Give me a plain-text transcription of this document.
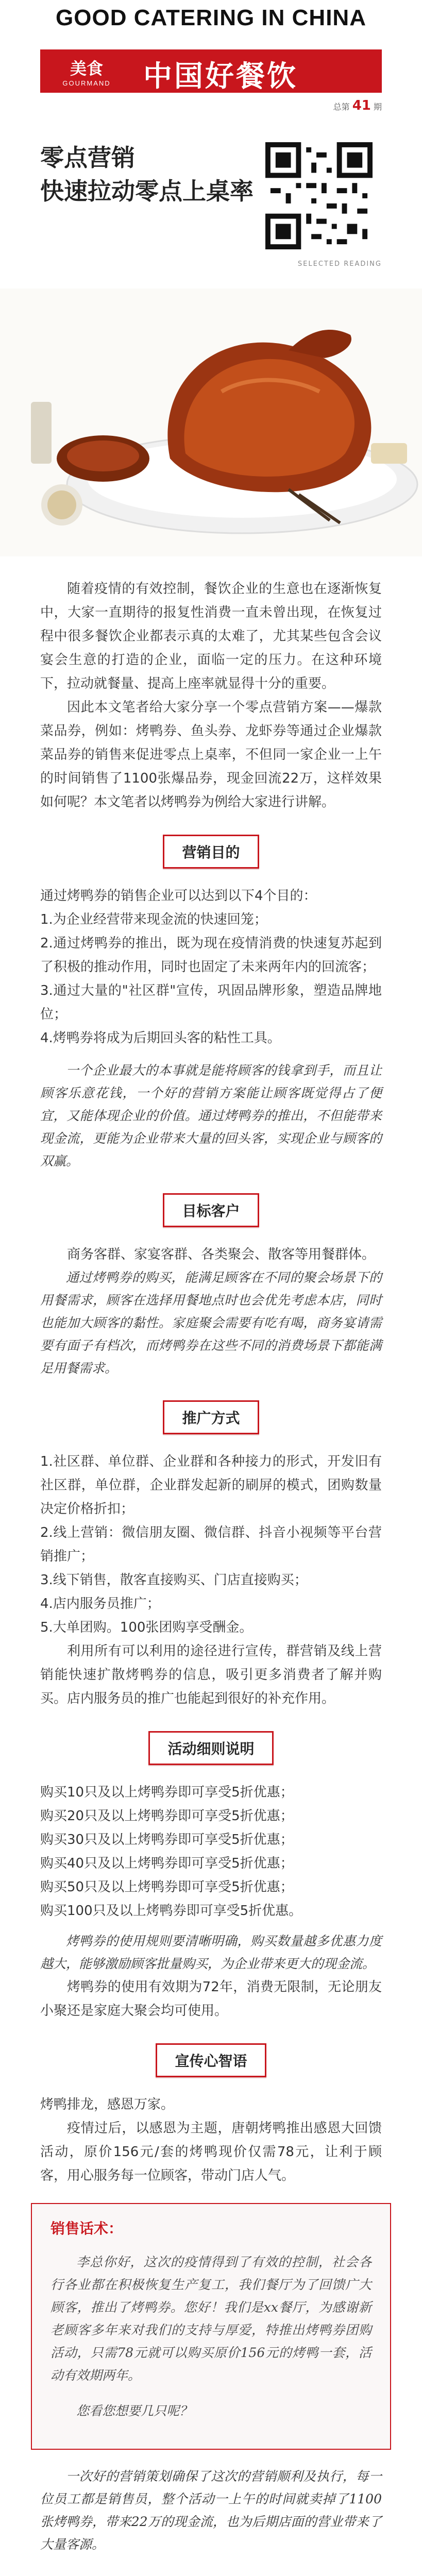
GOOD CATERING IN CHINA
美食
GOURMAND 中国好餐饮
总第 41 期
零点营销
快速拉动零点上桌率
SELECTED READING

随着疫情的有效控制，餐饮企业的生意也在逐渐恢复中，大家一直期待的报复性消费一直未曾出现，在恢复过程中很多餐饮企业都表示真的太难了，尤其某些包含会议宴会生意的打造的企业，面临一定的压力。在这种环境下，拉动就餐量、提高上座率就显得十分的重要。

因此本文笔者给大家分享一个零点营销方案——爆款菜品券，例如：烤鸭券、鱼头券、龙虾券等通过企业爆款菜品券的销售来促进零点上桌率，不但同一家企业一上午的时间销售了1100张爆品券，现金回流22万，这样效果如何呢？本文笔者以烤鸭券为例给大家进行讲解。

营销目的

通过烤鸭券的销售企业可以达到以下4个目的：

1.为企业经营带来现金流的快速回笼；

2.通过烤鸭券的推出，既为现在疫情消费的快速复苏起到了积极的推动作用，同时也固定了未来两年内的回流客；

3.通过大量的"社区群"宣传，巩固品牌形象，塑造品牌地位；

4.烤鸭券将成为后期回头客的粘性工具。

一个企业最大的本事就是能将顾客的钱拿到手，而且让顾客乐意花钱，一个好的营销方案能让顾客既觉得占了便宜，又能体现企业的价值。通过烤鸭券的推出，不但能带来现金流，更能为企业带来大量的回头客，实现企业与顾客的双赢。

目标客户

商务客群、家宴客群、各类聚会、散客等用餐群体。

通过烤鸭券的购买，能满足顾客在不同的聚会场景下的用餐需求，顾客在选择用餐地点时也会优先考虑本店，同时也能加大顾客的黏性。家庭聚会需要有吃有喝，商务宴请需要有面子有档次，而烤鸭券在这些不同的消费场景下都能满足用餐需求。

推广方式

1.社区群、单位群、企业群和各种接力的形式，开发旧有社区群，单位群，企业群发起新的刷屏的模式，团购数量决定价格折扣；

2.线上营销：微信朋友圈、微信群、抖音小视频等平台营销推广；

3.线下销售，散客直接购买、门店直接购买；

4.店内服务员推广；

5.大单团购。100张团购享受酬金。

利用所有可以利用的途径进行宣传，群营销及线上营销能快速扩散烤鸭券的信息，吸引更多消费者了解并购买。店内服务员的推广也能起到很好的补充作用。

活动细则说明

购买10只及以上烤鸭券即可享受5折优惠；

购买20只及以上烤鸭券即可享受5折优惠；

购买30只及以上烤鸭券即可享受5折优惠；

购买40只及以上烤鸭券即可享受5折优惠；

购买50只及以上烤鸭券即可享受5折优惠；

购买100只及以上烤鸭券即可享受5折优惠。

烤鸭券的使用规则要清晰明确，购买数量越多优惠力度越大，能够激励顾客批量购买，为企业带来更大的现金流。

烤鸭券的使用有效期为72年，消费无限制，无论朋友小聚还是家庭大聚会均可使用。

宣传心智语

烤鸭排龙，感恩万家。

疫情过后，以感恩为主题，唐朝烤鸭推出感恩大回馈活动，原价156元/套的烤鸭现价仅需78元，让利于顾客，用心服务每一位顾客，带动门店人气。

销售话术：

李总你好，这次的疫情得到了有效的控制，社会各行各业都在积极恢复生产复工，我们餐厅为了回馈广大顾客，推出了烤鸭券。您好！我们是xx餐厅，为感谢新老顾客多年来对我们的支持与厚爱，特推出烤鸭券团购活动，只需78元就可以购买原价156元的烤鸭一套，活动有效期两年。

您看您想要几只呢？

一次好的营销策划确保了这次的营销顺利及执行，每一位员工都是销售员，整个活动一上午的时间就卖掉了1100张烤鸭券，带来22万的现金流，也为后期店面的营业带来了大量客源。
